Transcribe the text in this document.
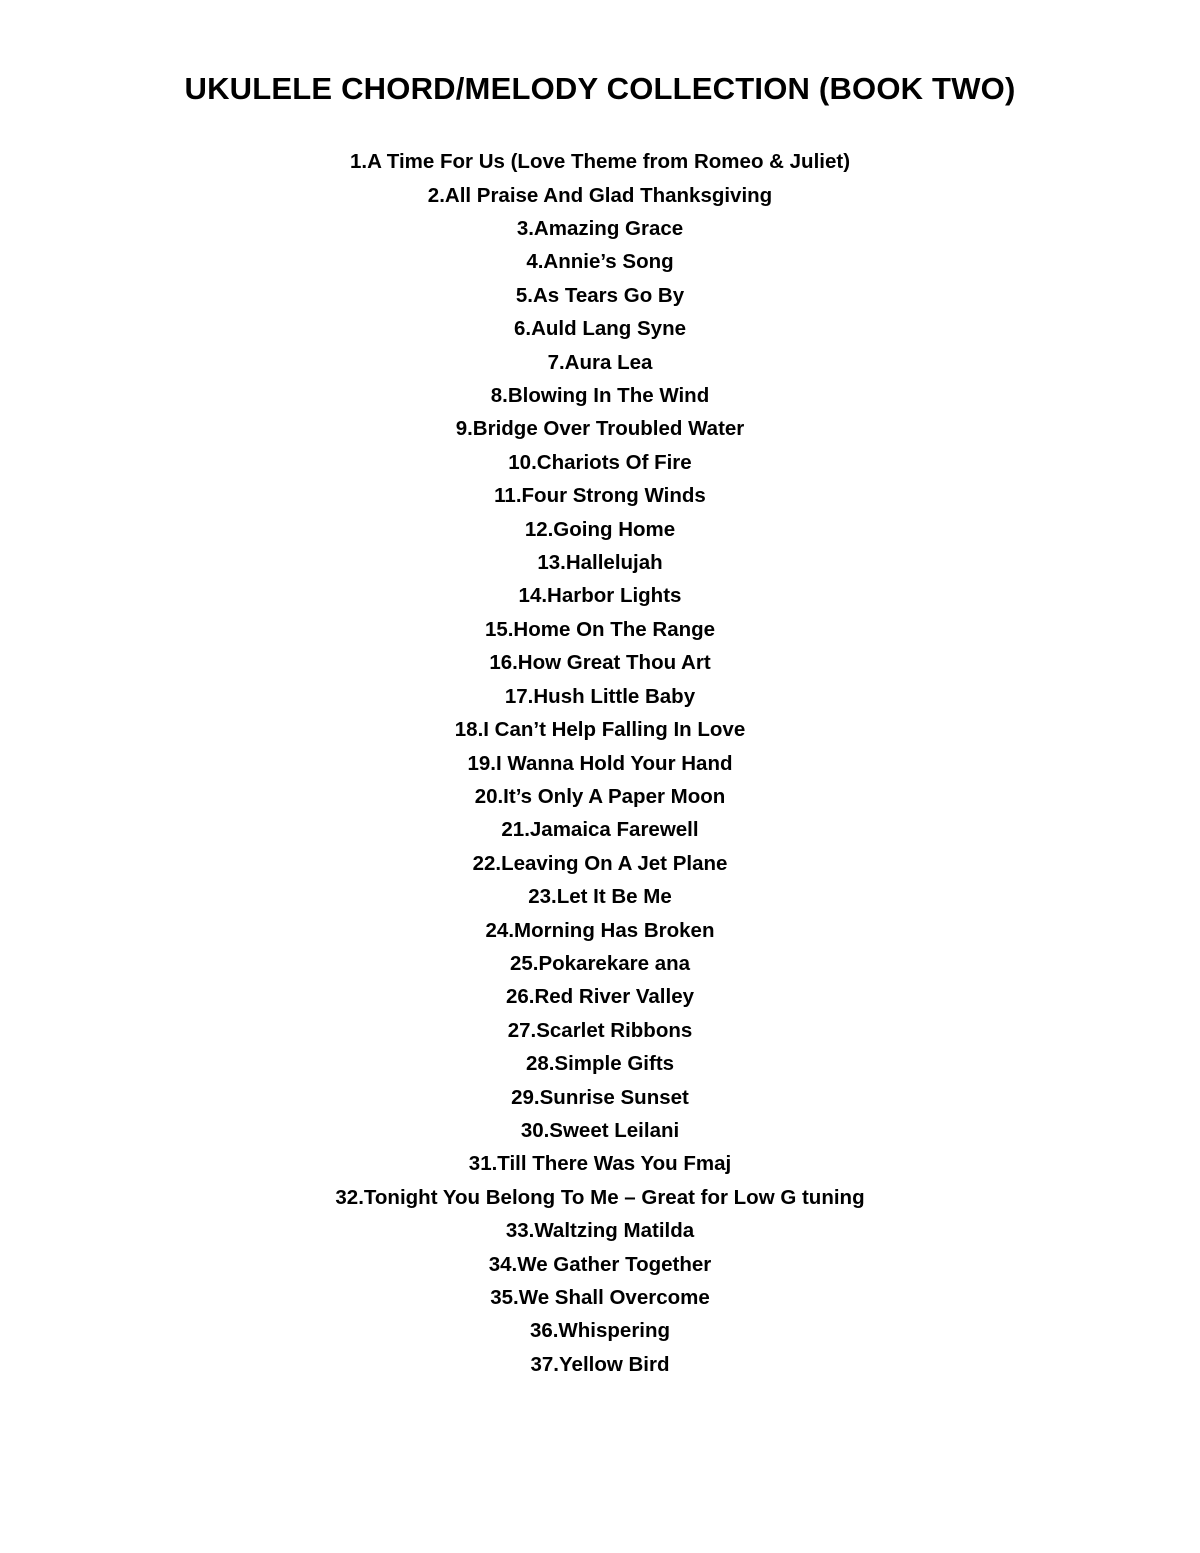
UKULELE CHORD/MELODY COLLECTION (BOOK TWO)
1.A Time For Us (Love Theme from Romeo & Juliet)
2.All Praise And Glad Thanksgiving
3.Amazing Grace
4.Annie’s Song
5.As Tears Go By
6.Auld Lang Syne
7.Aura Lea
8.Blowing In The Wind
9.Bridge Over Troubled Water
10.Chariots Of Fire
11.Four Strong Winds
12.Going Home
13.Hallelujah
14.Harbor Lights
15.Home On The Range
16.How Great Thou Art
17.Hush Little Baby
18.I Can’t Help Falling In Love
19.I Wanna Hold Your Hand
20.It’s Only A Paper Moon
21.Jamaica Farewell
22.Leaving On A Jet Plane
23.Let It Be Me
24.Morning Has Broken
25.Pokarekare ana
26.Red River Valley
27.Scarlet Ribbons
28.Simple Gifts
29.Sunrise Sunset
30.Sweet Leilani
31.Till There Was You Fmaj
32.Tonight You Belong To Me – Great for Low G tuning
33.Waltzing Matilda
34.We Gather Together
35.We Shall Overcome
36.Whispering
37.Yellow Bird
